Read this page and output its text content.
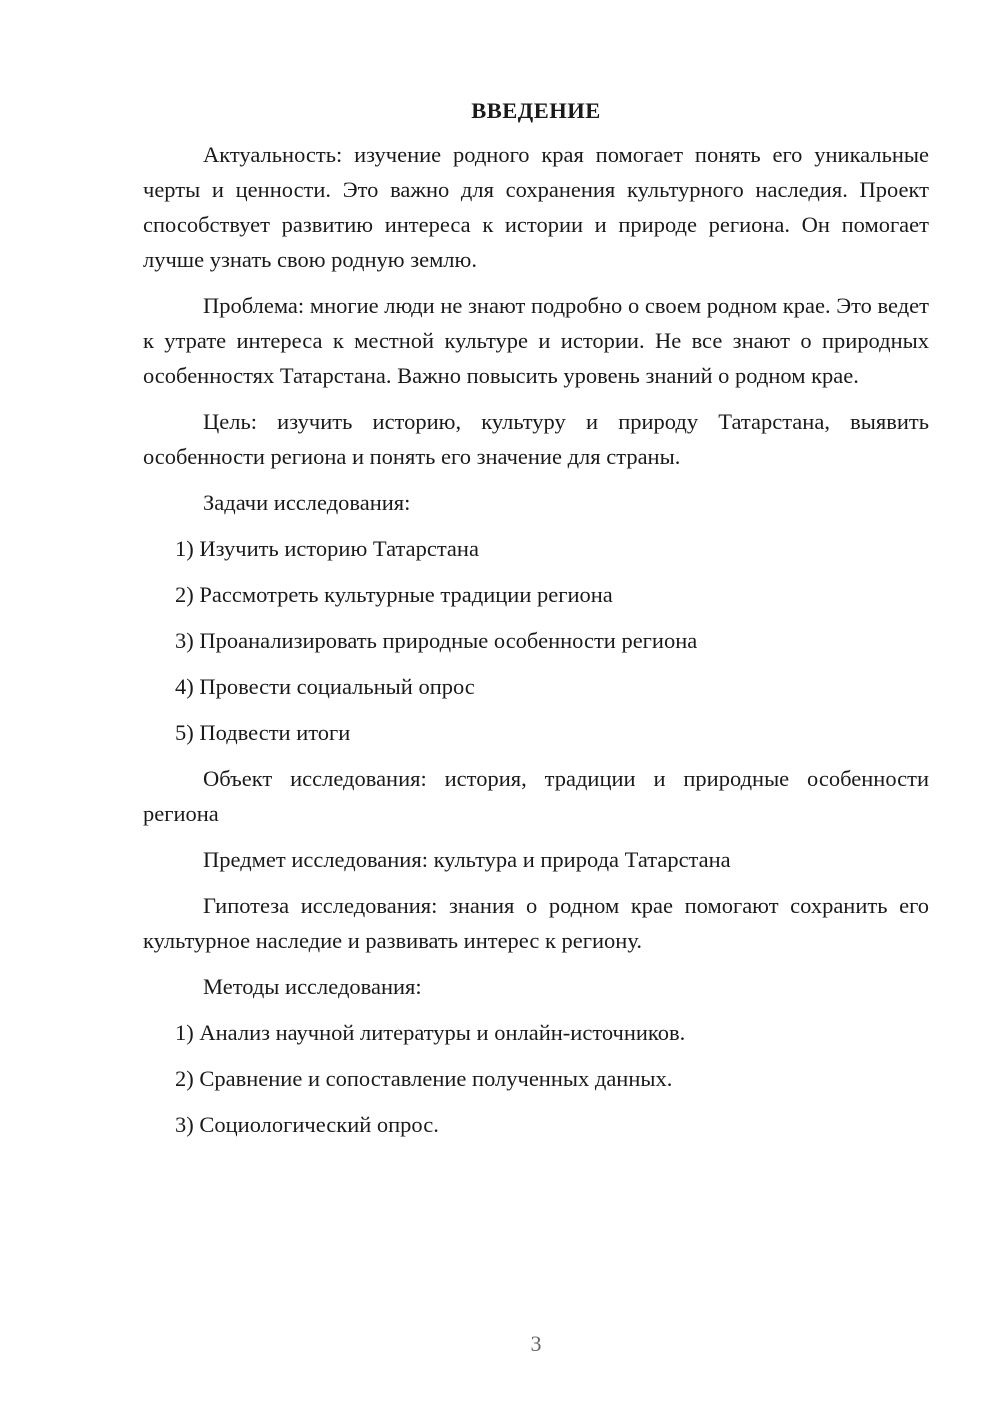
ВВЕДЕНИЕ

Актуальность: изучение родного края помогает понять его уникальные черты и ценности. Это важно для сохранения культурного наследия. Проект способствует развитию интереса к истории и природе региона. Он помогает лучше узнать свою родную землю.

Проблема: многие люди не знают подробно о своем родном крае. Это ведет к утрате интереса к местной культуре и истории. Не все знают о природных особенностях Татарстана. Важно повысить уровень знаний о родном крае.

Цель: изучить историю, культуру и природу Татарстана, выявить особенности региона и понять его значение для страны.

Задачи исследования:

1) Изучить историю Татарстана

2) Рассмотреть культурные традиции региона

3) Проанализировать природные особенности региона

4) Провести социальный опрос

5) Подвести итоги

Объект исследования: история, традиции и природные особенности региона

Предмет исследования: культура и природа Татарстана

Гипотеза исследования: знания о родном крае помогают сохранить его культурное наследие и развивать интерес к региону.

Методы исследования:

1) Анализ научной литературы и онлайн-источников.

2) Сравнение и сопоставление полученных данных.

3) Социологический опрос.

3
